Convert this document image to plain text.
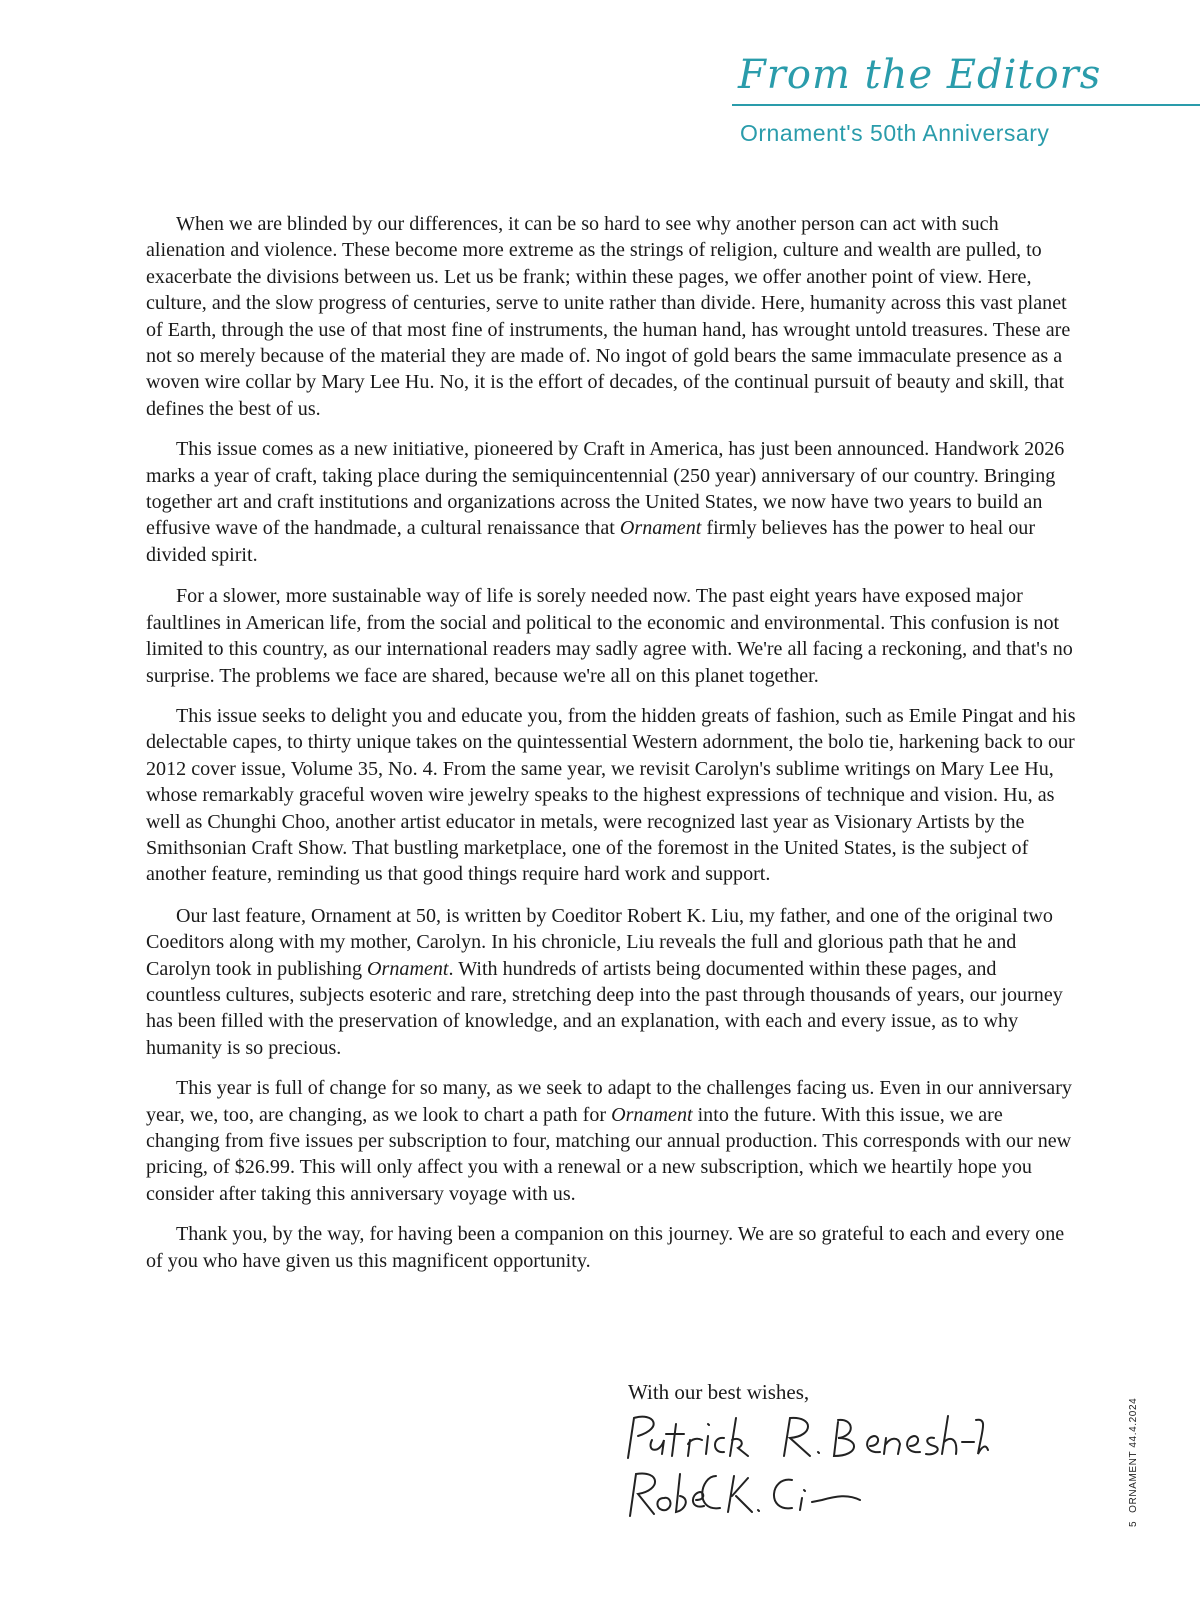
From the Editors
Ornament's 50th Anniversary

When we are blinded by our differences, it can be so hard to see why another person can act with such alienation and violence. These become more extreme as the strings of religion, culture and wealth are pulled, to exacerbate the divisions between us. Let us be frank; within these pages, we offer another point of view. Here, culture, and the slow progress of centuries, serve to unite rather than divide. Here, humanity across this vast planet of Earth, through the use of that most fine of instruments, the human hand, has wrought untold treasures. These are not so merely because of the material they are made of. No ingot of gold bears the same immaculate presence as a woven wire collar by Mary Lee Hu. No, it is the effort of decades, of the continual pursuit of beauty and skill, that defines the best of us.

This issue comes as a new initiative, pioneered by Craft in America, has just been announced. Handwork 2026 marks a year of craft, taking place during the semiquincentennial (250 year) anniversary of our country. Bringing together art and craft institutions and organizations across the United States, we now have two years to build an effusive wave of the handmade, a cultural renaissance that Ornament firmly believes has the power to heal our divided spirit.

For a slower, more sustainable way of life is sorely needed now. The past eight years have exposed major faultlines in American life, from the social and political to the economic and environmental. This confusion is not limited to this country, as our international readers may sadly agree with. We're all facing a reckoning, and that's no surprise. The problems we face are shared, because we're all on this planet together.

This issue seeks to delight you and educate you, from the hidden greats of fashion, such as Emile Pingat and his delectable capes, to thirty unique takes on the quintessential Western adornment, the bolo tie, harkening back to our 2012 cover issue, Volume 35, No. 4. From the same year, we revisit Carolyn's sublime writings on Mary Lee Hu, whose remarkably graceful woven wire jewelry speaks to the highest expressions of technique and vision. Hu, as well as Chunghi Choo, another artist educator in metals, were recognized last year as Visionary Artists by the Smithsonian Craft Show. That bustling marketplace, one of the foremost in the United States, is the subject of another feature, reminding us that good things require hard work and support.

Our last feature, Ornament at 50, is written by Coeditor Robert K. Liu, my father, and one of the original two Coeditors along with my mother, Carolyn. In his chronicle, Liu reveals the full and glorious path that he and Carolyn took in publishing Ornament. With hundreds of artists being documented within these pages, and countless cultures, subjects esoteric and rare, stretching deep into the past through thousands of years, our journey has been filled with the preservation of knowledge, and an explanation, with each and every issue, as to why humanity is so precious.

This year is full of change for so many, as we seek to adapt to the challenges facing us. Even in our anniversary year, we, too, are changing, as we look to chart a path for Ornament into the future. With this issue, we are changing from five issues per subscription to four, matching our annual production. This corresponds with our new pricing, of $26.99. This will only affect you with a renewal or a new subscription, which we heartily hope you consider after taking this anniversary voyage with us.

Thank you, by the way, for having been a companion on this journey. We are so grateful to each and every one of you who have given us this magnificent opportunity.

With our best wishes,
5ORNAMENT 44.4.2024
